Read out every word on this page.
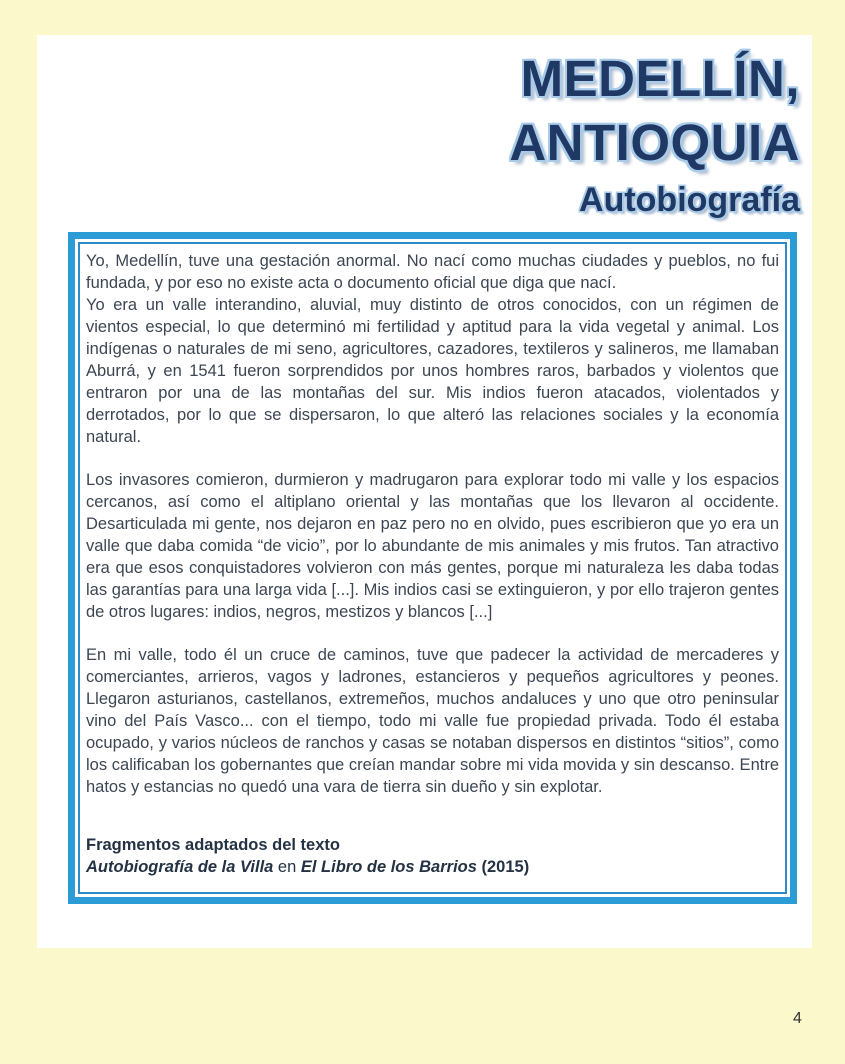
MEDELLÍN,
ANTIOQUIA
Autobiografía

Yo, Medellín, tuve una gestación anormal. No nací como muchas ciudades y pueblos, no fui fundada, y por eso no existe acta o documento oficial que diga que nací.

Yo era un valle interandino, aluvial, muy distinto de otros conocidos, con un régimen de vientos especial, lo que determinó mi fertilidad y aptitud para la vida vegetal y animal. Los indígenas o naturales de mi seno, agricultores, cazadores, textileros y salineros, me llamaban Aburrá, y en 1541 fueron sorprendidos por unos hombres raros, barbados y violentos que entraron por una de las montañas del sur. Mis indios fueron atacados, violentados y derrotados, por lo que se dispersaron, lo que alteró las relaciones sociales y la economía natural.

Los invasores comieron, durmieron y madrugaron para explorar todo mi valle y los espacios cercanos, así como el altiplano oriental y las montañas que los llevaron al occidente. Desarticulada mi gente, nos dejaron en paz pero no en olvido, pues escribieron que yo era un valle que daba comida “de vicio”, por lo abundante de mis animales y mis frutos. Tan atractivo era que esos conquistadores volvieron con más gentes, porque mi naturaleza les daba todas las garantías para una larga vida [...]. Mis indios casi se extinguieron, y por ello trajeron gentes de otros lugares: indios, negros, mestizos y blancos [...]

En mi valle, todo él un cruce de caminos, tuve que padecer la actividad de mercaderes y comerciantes, arrieros, vagos y ladrones, estancieros y pequeños agricultores y peones. Llegaron asturianos, castellanos, extremeños, muchos andaluces y uno que otro peninsular vino del País Vasco... con el tiempo, todo mi valle fue propiedad privada. Todo él estaba ocupado, y varios núcleos de ranchos y casas se notaban dispersos en distintos “sitios”, como los calificaban los gobernantes que creían mandar sobre mi vida movida y sin descanso. Entre hatos y estancias no quedó una vara de tierra sin dueño y sin explotar.

Fragmentos adaptados del texto

Autobiografía de la Villa en El Libro de los Barrios (2015)

4
